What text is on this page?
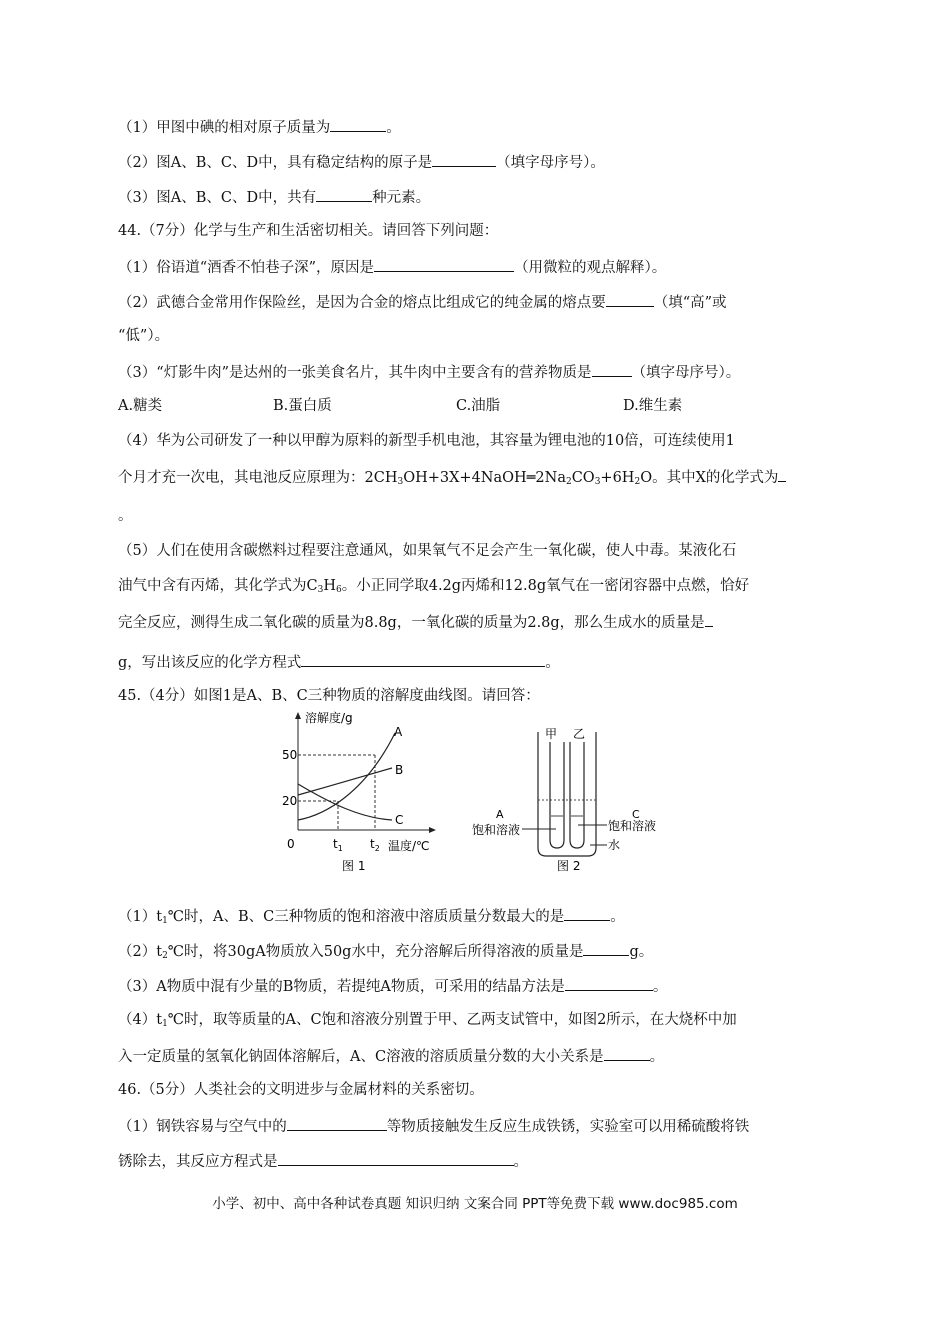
（1）甲图中碘的相对原子质量为	。
（2）图A、B、C、D中，具有稳定结构的原子是	（填字母序号）。
（3）图A、B、C、D中，共有	种元素。
44.（7分）化学与生产和生活密切相关。请回答下列问题：
（1）俗语道“酒香不怕巷子深”，原因是	（用微粒的观点解释）。
（2）武德合金常用作保险丝，是因为合金的熔点比组成它的纯金属的熔点要	（填“高”或
“低”）。
（3）“灯影牛肉”是达州的一张美食名片，其牛肉中主要含有的营养物质是	（填字母序号）。
A.糖类	B.蛋白质	C.油脂	D.维生素
（4）华为公司研发了一种以甲醇为原料的新型手机电池，其容量为锂电池的10倍，可连续使用1
个月才充一次电，其电池反应原理为：$2CH_3OH+3X+4NaOH═2Na_2CO_3+6H_2O$。其中X的化学式为
。
（5）人们在使用含碳燃料过程要注意通风，如果氧气不足会产生一氧化碳，使人中毒。某液化石
油气中含有丙烯，其化学式为$C_3H_6$。小正同学取4.2g丙烯和12.8g氧气在一密闭容器中点燃，恰好
完全反应，测得生成二氧化碳的质量为8.8g，一氧化碳的质量为2.8g，那么生成水的质量是
g，写出该反应的化学方程式	。
45.（4分）如图1是A、B、C三种物质的溶解度曲线图。请回答：
溶解度/g
温度/℃
50
20
0
A
B
C
$t_1$ $t_2$
图 1
甲 乙
A	C
饱和溶液	饱和溶液
水
图 2
$(1)t_1℃$时，A、B、C三种物质的饱和溶液中溶质质量分数最大的是	。
$(2)t_2℃$时，将30gA物质放入50g水中，充分溶解后所得溶液的质量是	g。
（3）A物质中混有少量的B物质，若提纯A物质，可采用的结晶方法是	。
$(4)t_1℃$时，取等质量的A、C饱和溶液分别置于甲、乙两支试管中，如图2所示，在大烧杯中加
入一定质量的氢氧化钠固体溶解后，A、C溶液的溶质质量分数的大小关系是	。
46.（5分）人类社会的文明进步与金属材料的关系密切。
（1）钢铁容易与空气中的	等物质接触发生反应生成铁锈，实验室可以用稀硫酸将铁
锈除去，其反应方程式是	。
小学、初中、高中各种试卷真题 知识归纳 文案合同 PPT等免费下载 www.doc985.com
